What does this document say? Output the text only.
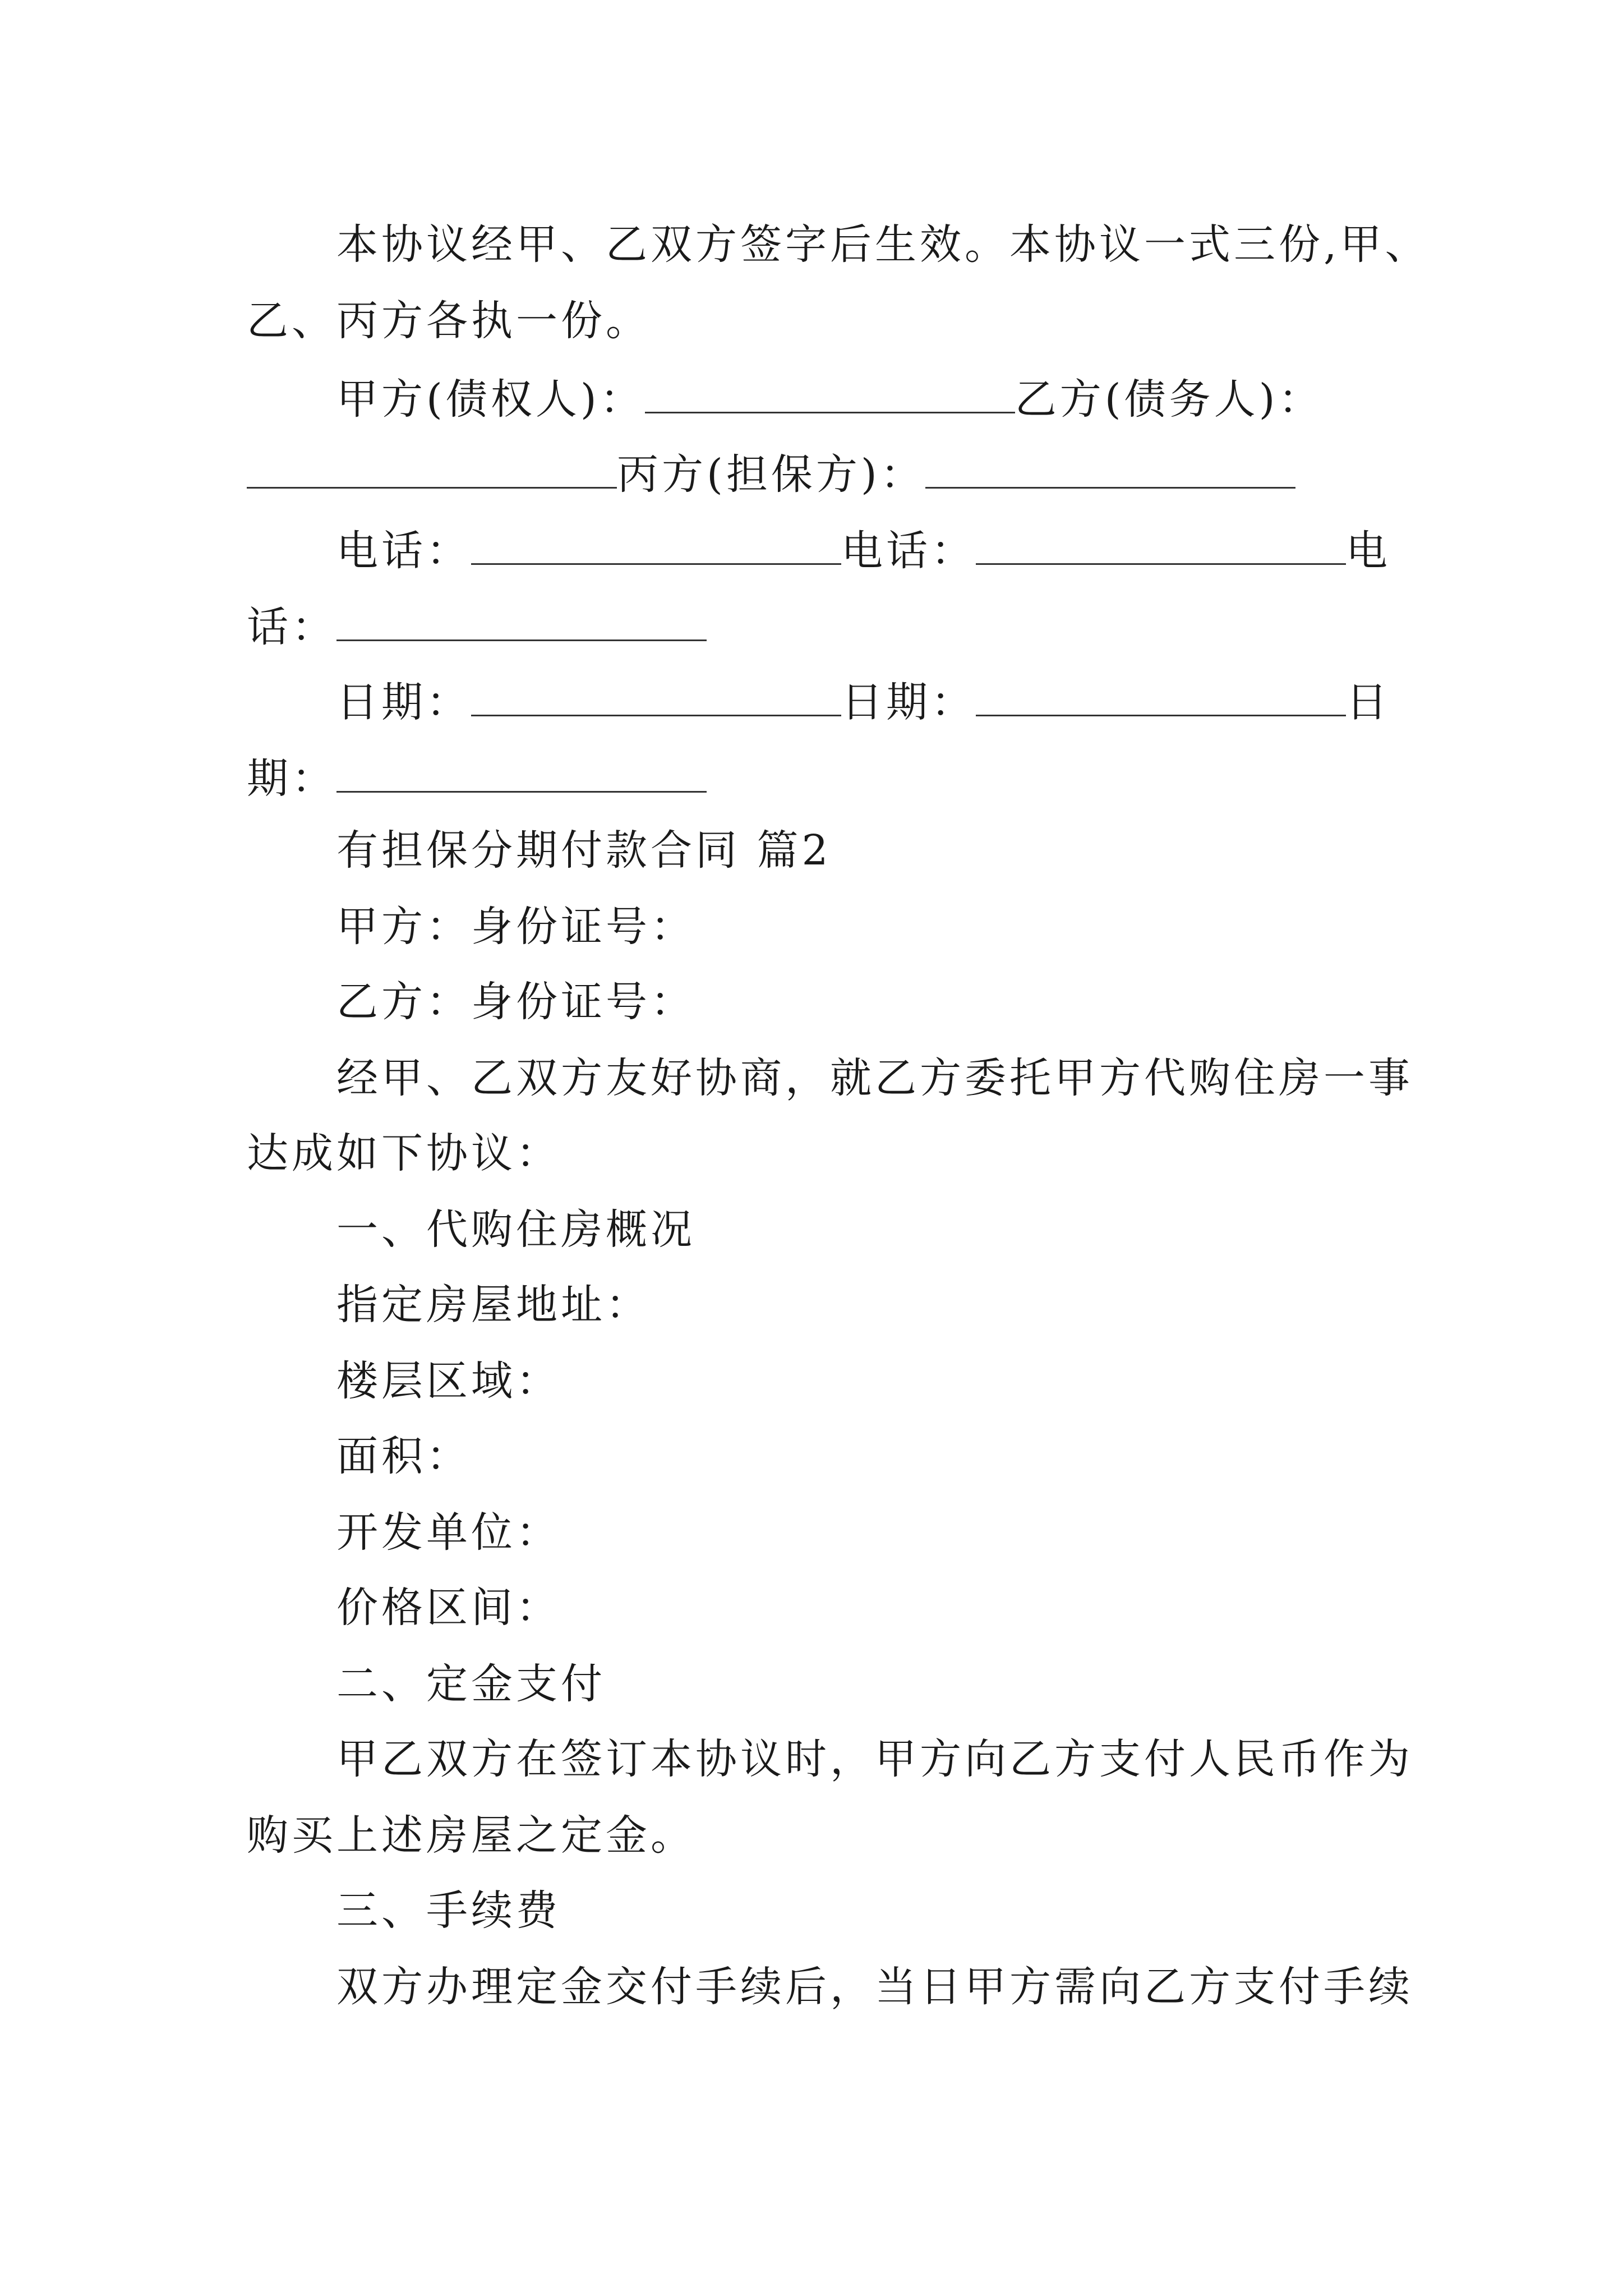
本协议经甲、乙双方签字后生效。本协议一式三份,甲、
乙、丙方各执一份。
甲方(债权人)：	乙方(债务人)：
丙方(担保方)：
电话：	电话：	电
话：
日期：	日期：	日
期：
有担保分期付款合同 篇2
甲方：身份证号：
乙方：身份证号：
经甲、乙双方友好协商，就乙方委托甲方代购住房一事
达成如下协议：
一、代购住房概况
指定房屋地址：
楼层区域：
面积：
开发单位：
价格区间：
二、定金支付
甲乙双方在签订本协议时，甲方向乙方支付人民币作为
购买上述房屋之定金。
三、手续费
双方办理定金交付手续后，当日甲方需向乙方支付手续
